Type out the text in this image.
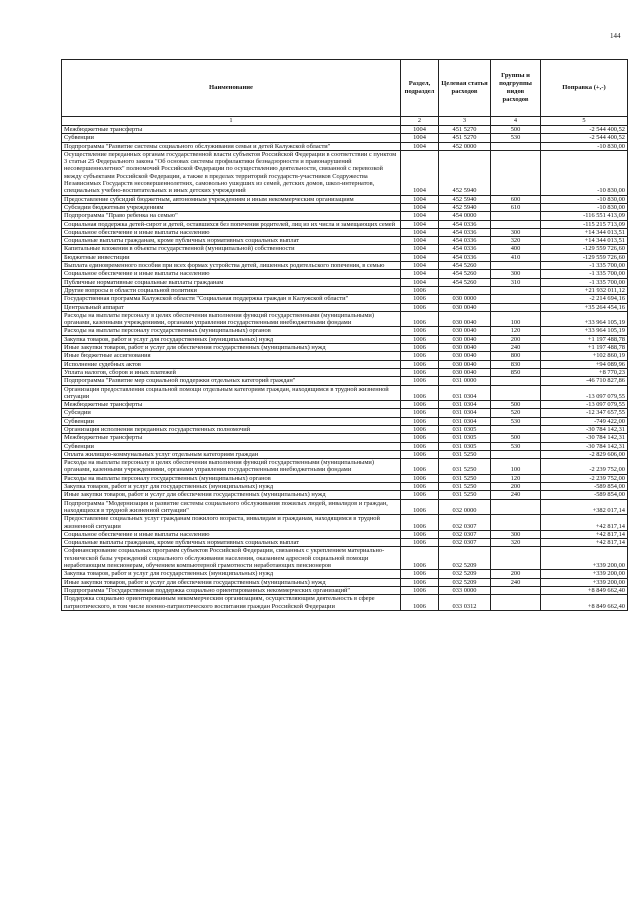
144
Наименование	Раздел, подраздел	Целевая статья расходов	Группы и подгруппы видов расходов	Поправка (+,-)
1	2	3	4	5
Межбюджетные трансферты	1004	451 5270	500	-2 544 400,52
Субвенции	1004	451 5270	530	-2 544 400,52
Подпрограмма "Развитие системы социального обслуживания семьи и детей Калужской области"	1004	452 0000		-10 830,00
Осуществление переданных органам государственной власти субъектов Российской Федерации в соответствии с пунктом 3 статьи 25 Федерального закона "Об основах системы профилактики безнадзорности и правонарушений несовершеннолетних" полномочий Российской Федерации по осуществлению деятельности, связанной с перевозкой между субъектами Российской Федерации, а также в пределах территорий государств-участников Содружества Независимых Государств несовершеннолетних, самовольно ушедших из семей, детских домов, школ-интернатов, специальных учебно-воспитательных и иных детских учреждений	1004	452 5940		-10 830,00
Предоставление субсидий бюджетным, автономным учреждениям и иным некоммерческим организациям	1004	452 5940	600	-10 830,00
Субсидии бюджетным учреждениям	1004	452 5940	610	-10 830,00
Подпрограмма "Право ребенка на семью"	1004	454 0000		-116 551 413,09
Социальная поддержка детей-сирот и детей, оставшихся без попечения родителей, лиц из их числа и замещающих семей	1004	454 0336		-115 215 713,09
Социальное обеспечение и иные выплаты населению	1004	454 0336	300	+14 344 013,51
Социальные выплаты гражданам, кроме публичных нормативных социальных выплат	1004	454 0336	320	+14 344 013,51
Капитальные вложения в объекты государственной (муниципальной) собственности	1004	454 0336	400	-129 559 726,60
Бюджетные инвестиции	1004	454 0336	410	-129 559 726,60
Выплата единовременного пособия при всех формах устройства детей, лишенных родительского попечения, в семью	1004	454 5260		-1 335 700,00
Социальное обеспечение и иные выплаты населению	1004	454 5260	300	-1 335 700,00
Публичные нормативные социальные выплаты гражданам	1004	454 5260	310	-1 335 700,00
Другие вопросы в области социальной политики	1006			+21 932 011,12
Государственная программа Калужской области "Социальная поддержка граждан в Калужской области"	1006	030 0000		-2 214 694,16
Центральный аппарат	1006	030 0040		+35 264 454,16
Расходы на выплаты персоналу в целях обеспечения выполнения функций государственными (муниципальными) органами, казенными учреждениями, органами управления государственными внебюджетными фондами	1006	030 0040	100	+33 964 105,19
Расходы на выплаты персоналу государственных (муниципальных) органов	1006	030 0040	120	+33 964 105,19
Закупка товаров, работ и услуг для государственных (муниципальных) нужд	1006	030 0040	200	+1 197 488,78
Иные закупки товаров, работ и услуг для обеспечения государственных (муниципальных) нужд	1006	030 0040	240	+1 197 488,78
Иные бюджетные ассигнования	1006	030 0040	800	+102 860,19
Исполнение судебных актов	1006	030 0040	830	+94 089,96
Уплата налогов, сборов и иных платежей	1006	030 0040	850	+8 770,23
Подпрограмма "Развитие мер социальной поддержки отдельных категорий граждан"	1006	031 0000		-46 710 827,86
Организация предоставления социальной помощи отдельным категориям граждан, находящимся в трудной жизненной ситуации	1006	031 0304		-13 097 079,55
Межбюджетные трансферты	1006	031 0304	500	-13 097 079,55
Субсидии	1006	031 0304	520	-12 347 657,55
Субвенции	1006	031 0304	530	-749 422,00
Организация исполнения переданных государственных полномочий	1006	031 0305		-30 784 142,31
Межбюджетные трансферты	1006	031 0305	500	-30 784 142,31
Субвенции	1006	031 0305	530	-30 784 142,31
Оплата жилищно-коммунальных услуг отдельным категориям граждан	1006	031 5250		-2 829 606,00
Расходы на выплаты персоналу в целях обеспечения выполнения функций государственными (муниципальными) органами, казенными учреждениями, органами управления государственными внебюджетными фондами	1006	031 5250	100	-2 239 752,00
Расходы на выплаты персоналу государственных (муниципальных) органов	1006	031 5250	120	-2 239 752,00
Закупка товаров, работ и услуг для государственных (муниципальных) нужд	1006	031 5250	200	-589 854,00
Иные закупки товаров, работ и услуг для обеспечения государственных (муниципальных) нужд	1006	031 5250	240	-589 854,00
Подпрограмма "Модернизация и развитие системы социального обслуживания пожилых людей, инвалидов и граждан, находящихся в трудной жизненной ситуации"	1006	032 0000		+382 017,14
Предоставление социальных услуг гражданам пожилого возраста, инвалидам и гражданам, находящимся в трудной жизненной ситуации	1006	032 0307		+42 817,14
Социальное обеспечение и иные выплаты населению	1006	032 0307	300	+42 817,14
Социальные выплаты гражданам, кроме публичных нормативных социальных выплат	1006	032 0307	320	+42 817,14
Софинансирование социальных программ субъектов Российской Федерации, связанных с укреплением материально-технической базы учреждений социального обслуживания населения, оказанием адресной социальной помощи неработающим пенсионерам, обучением компьютерной грамотности неработающих пенсионеров	1006	032 5209		+339 200,00
Закупка товаров, работ и услуг для государственных (муниципальных) нужд	1006	032 5209	200	+339 200,00
Иные закупки товаров, работ и услуг для обеспечения государственных (муниципальных) нужд	1006	032 5209	240	+339 200,00
Подпрограмма "Государственная поддержка социально ориентированных некоммерческих организаций"	1006	033 0000		+8 849 662,40
Поддержка социально ориентированным некоммерческим организациям, осуществляющим деятельность в сфере патриотического, в том числе военно-патриотического воспитания граждан Российской Федерации	1006	033 0312		+8 849 662,40
